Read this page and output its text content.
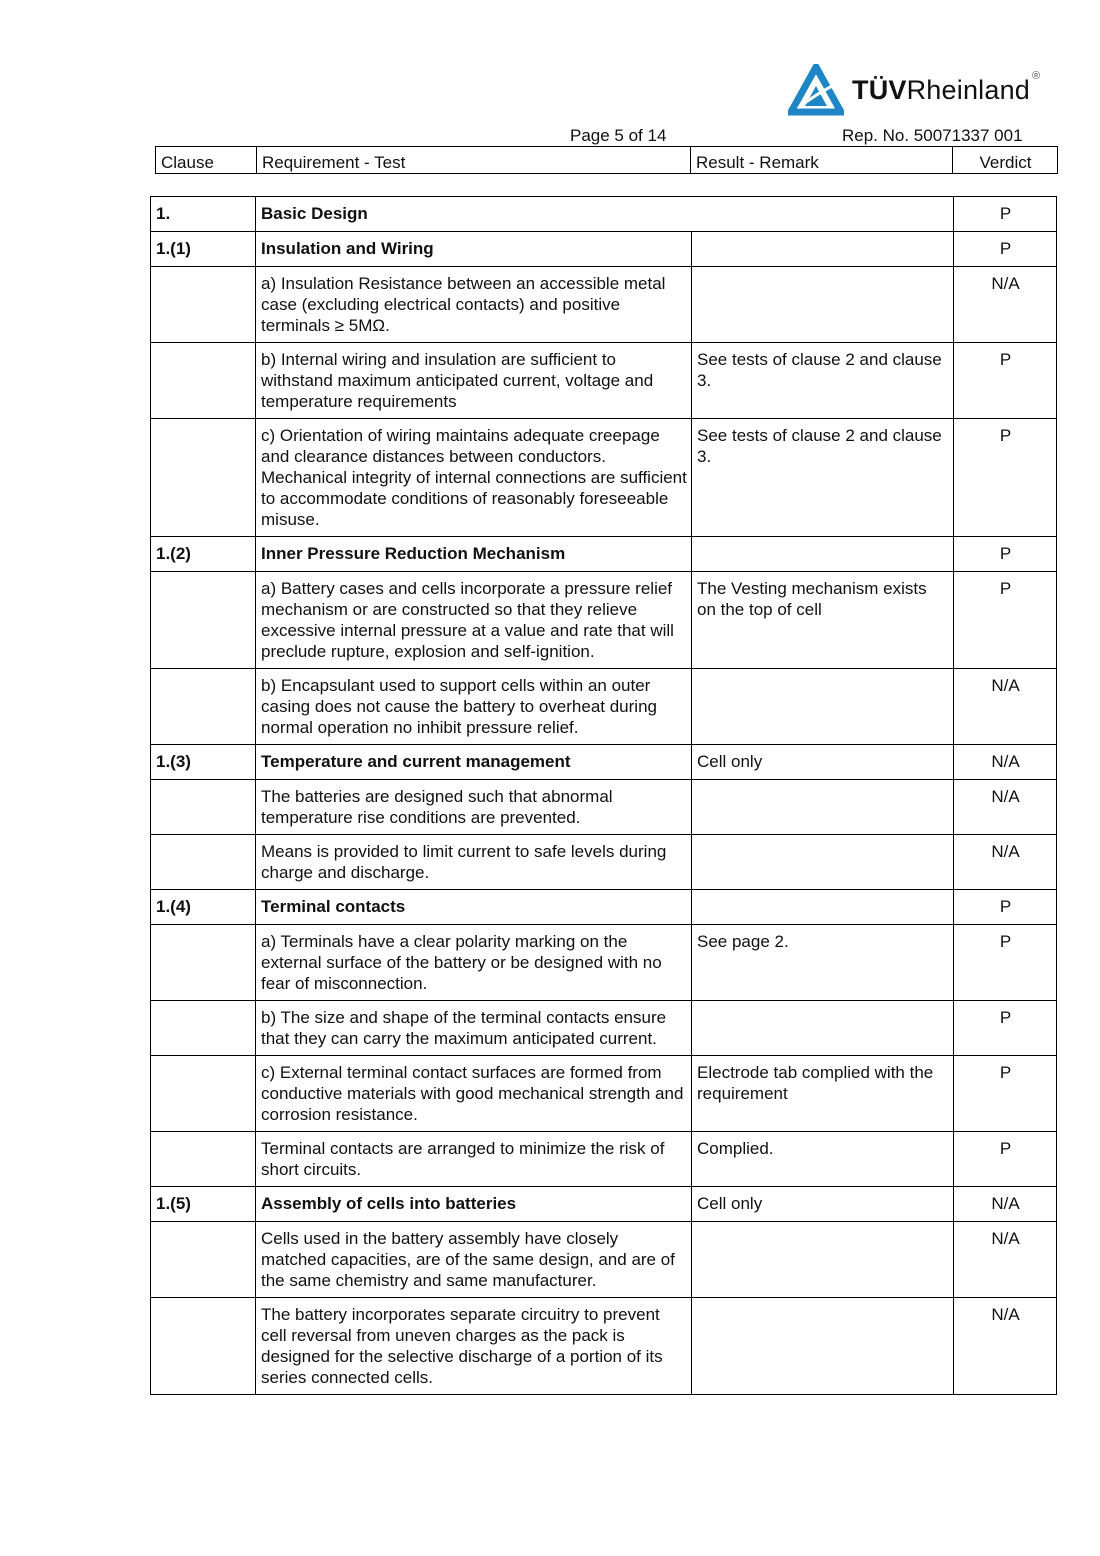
TÜVRheinland ®
Page 5 of 14	Rep. No. 50071337 001
Clause	Requirement - Test	Result - Remark	Verdict
1.	Basic Design		P
1.(1)	Insulation and Wiring		P
	a) Insulation Resistance between an accessible metal case (excluding electrical contacts) and positive terminals ≥ 5MΩ.		N/A
	b) Internal wiring and insulation are sufficient to withstand maximum anticipated current, voltage and temperature requirements	See tests of clause 2 and clause 3.	P
	c) Orientation of wiring maintains adequate creepage and clearance distances between conductors. Mechanical integrity of internal connections are sufficient to accommodate conditions of reasonably foreseeable misuse.	See tests of clause 2 and clause 3.	P
1.(2)	Inner Pressure Reduction Mechanism		P
	a) Battery cases and cells incorporate a pressure relief mechanism or are constructed so that they relieve excessive internal pressure at a value and rate that will preclude rupture, explosion and self-ignition.	The Vesting mechanism exists on the top of cell	P
	b) Encapsulant used to support cells within an outer casing does not cause the battery to overheat during normal operation no inhibit pressure relief.		N/A
1.(3)	Temperature and current management	Cell only	N/A
	The batteries are designed such that abnormal temperature rise conditions are prevented.		N/A
	Means is provided to limit current to safe levels during charge and discharge.		N/A
1.(4)	Terminal contacts		P
	a) Terminals have a clear polarity marking on the external surface of the battery or be designed with no fear of misconnection.	See page 2.	P
	b) The size and shape of the terminal contacts ensure that they can carry the maximum anticipated current.		P
	c) External terminal contact surfaces are formed from conductive materials with good mechanical strength and corrosion resistance.	Electrode tab complied with the requirement	P
	Terminal contacts are arranged to minimize the risk of short circuits.	Complied.	P
1.(5)	Assembly of cells into batteries	Cell only	N/A
	Cells used in the battery assembly have closely matched capacities, are of the same design, and are of the same chemistry and same manufacturer.		N/A
	The battery incorporates separate circuitry to prevent cell reversal from uneven charges as the pack is designed for the selective discharge of a portion of its series connected cells.		N/A
